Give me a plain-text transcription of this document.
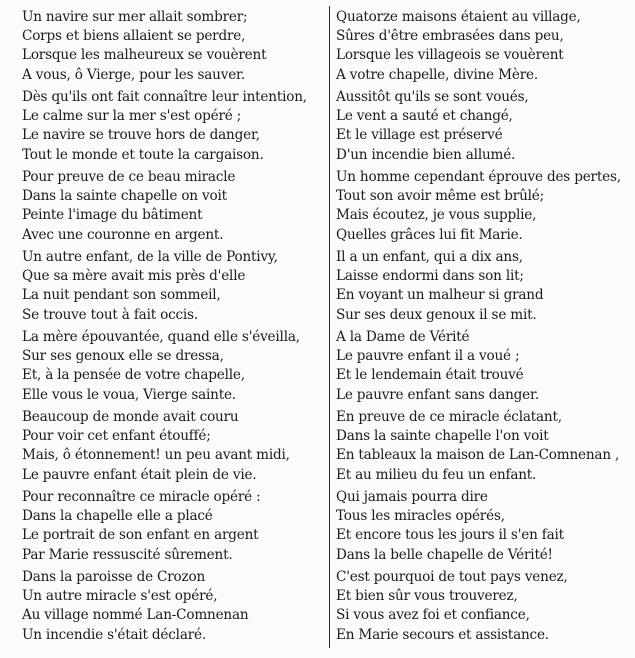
Un navire sur mer allait sombrer;
Corps et biens allaient se perdre,
Lorsque les malheureux se vouèrent
A vous, ô Vierge, pour les sauver.
Dès qu'ils ont fait connaître leur intention,
Le calme sur la mer s'est opéré ;
Le navire se trouve hors de danger,
Tout le monde et toute la cargaison.
Pour preuve de ce beau miracle
Dans la sainte chapelle on voit
Peinte l'image du bâtiment
Avec une couronne en argent.
Un autre enfant, de la ville de Pontivy,
Que sa mère avait mis près d'elle
La nuit pendant son sommeil,
Se trouve tout à fait occis.
La mère épouvantée, quand elle s'éveilla,
Sur ses genoux elle se dressa,
Et, à la pensée de votre chapelle,
Elle vous le voua, Vierge sainte.
Beaucoup de monde avait couru
Pour voir cet enfant étouffé;
Mais, ô étonnement! un peu avant midi,
Le pauvre enfant était plein de vie.
Pour reconnaître ce miracle opéré :
Dans la chapelle elle a placé
Le portrait de son enfant en argent
Par Marie ressuscité sûrement.
Dans la paroisse de Crozon
Un autre miracle s'est opéré,
Au village nommé Lan-Comnenan
Un incendie s'était déclaré.
Quatorze maisons étaient au village,
Sûres d'être embrasées dans peu,
Lorsque les villageois se vouèrent
A votre chapelle, divine Mère.
Aussitôt qu'ils se sont voués,
Le vent a sauté et changé,
Et le village est préservé
D'un incendie bien allumé.
Un homme cependant éprouve des pertes,
Tout son avoir même est brûlé;
Mais écoutez, je vous supplie,
Quelles grâces lui fit Marie.
Il a un enfant, qui a dix ans,
Laisse endormi dans son lit;
En voyant un malheur si grand
Sur ses deux genoux il se mit.
A la Dame de Vérité
Le pauvre enfant il a voué ;
Et le lendemain était trouvé
Le pauvre enfant sans danger.
En preuve de ce miracle éclatant,
Dans la sainte chapelle l'on voit
En tableaux la maison de Lan-Comnenan ,
Et au milieu du feu un enfant.
Qui jamais pourra dire
Tous les miracles opérés,
Et encore tous les jours il s'en fait
Dans la belle chapelle de Vérité!
C'est pourquoi de tout pays venez,
Et bien sûr vous trouverez,
Si vous avez foi et confiance,
En Marie secours et assistance.
